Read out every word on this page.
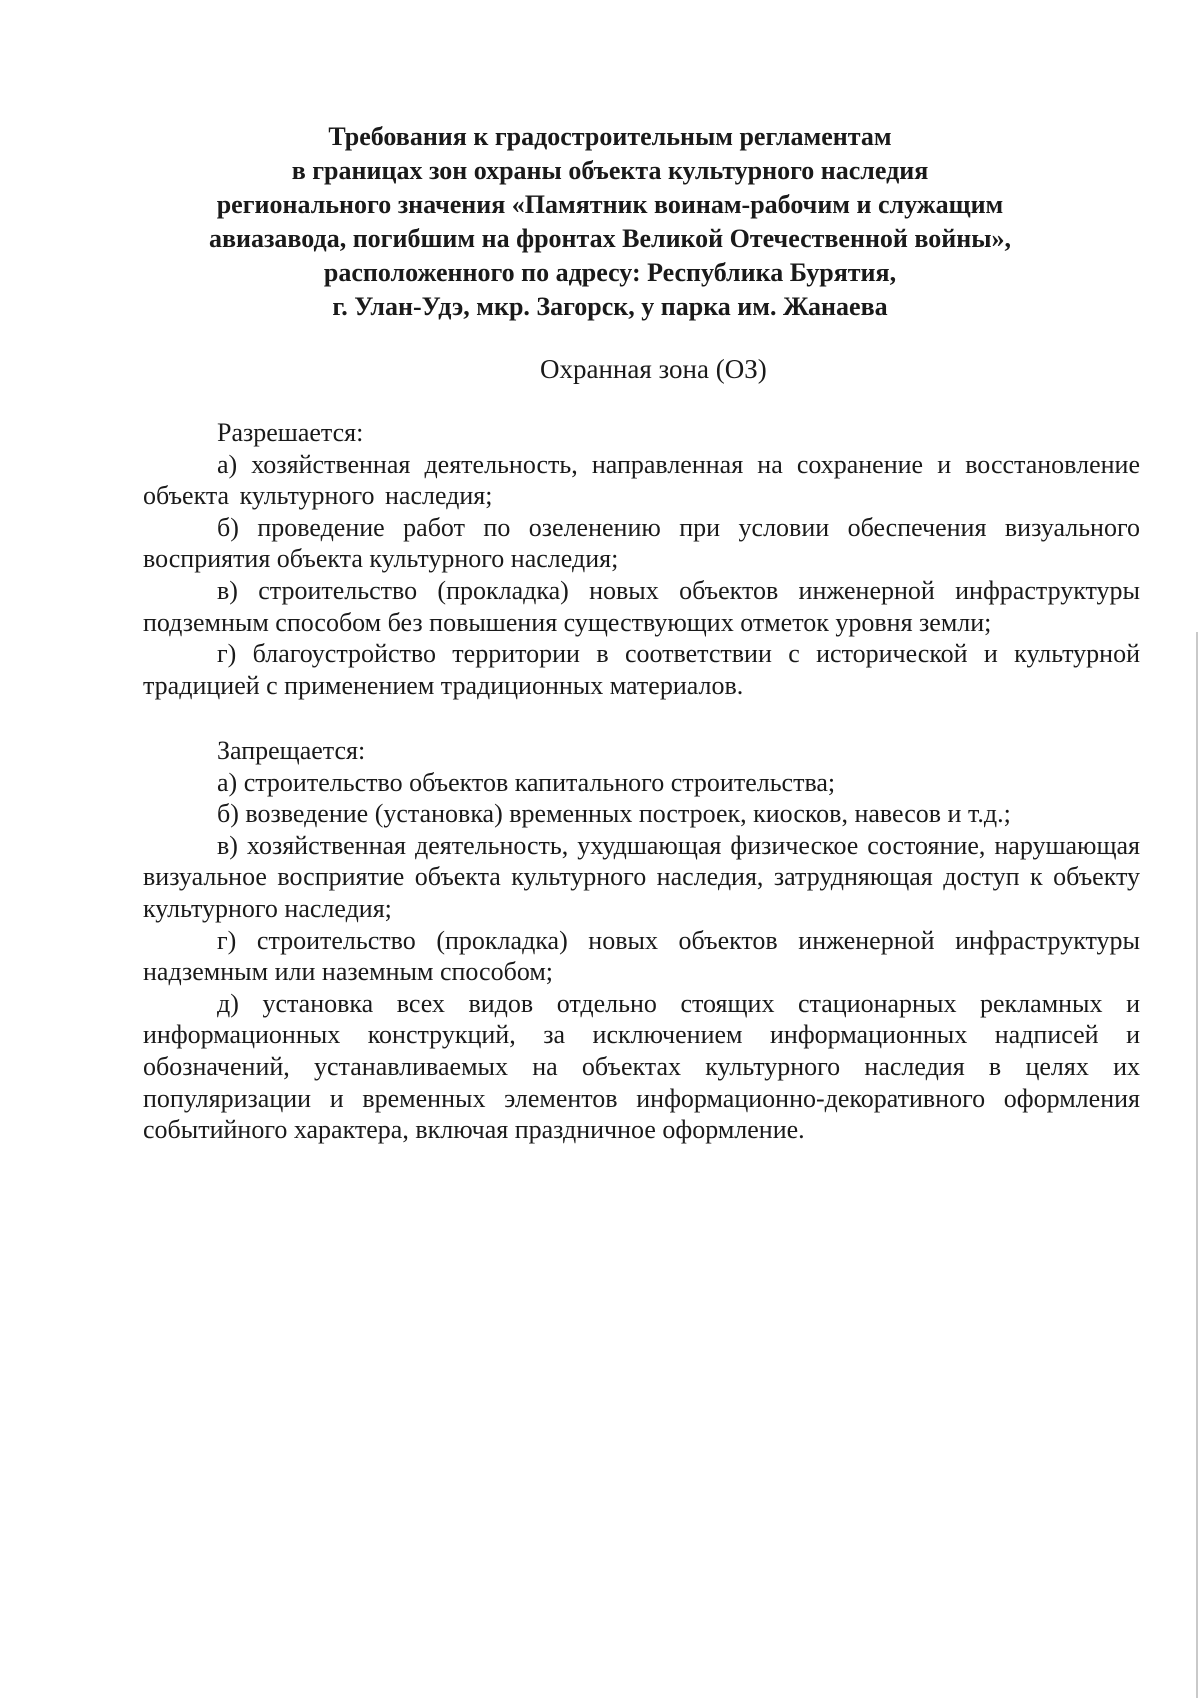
Требования к градостроительным регламентам
в границах зон охраны объекта культурного наследия
регионального значения «Памятник воинам-рабочим и служащим
авиазавода, погибшим на фронтах Великой Отечественной войны»,
расположенного по адресу: Республика Бурятия,
г. Улан-Удэ, мкр. Загорск, у парка им. Жанаева
Охранная зона (ОЗ)
Разрешается:

а) хозяйственная деятельность, направленная на сохранение и восстановление объекта культурного наследия;

б) проведение работ по озеленению при условии обеспечения визуального восприятия объекта культурного наследия;

в) строительство (прокладка) новых объектов инженерной инфраструктуры подземным способом без повышения существующих отметок уровня земли;

г) благоустройство территории в соответствии с исторической и культурной традицией с применением традиционных материалов.

Запрещается:

а) строительство объектов капитального строительства;

б) возведение (установка) временных построек, киосков, навесов и т.д.;

в) хозяйственная деятельность, ухудшающая физическое состояние, нарушающая визуальное восприятие объекта культурного наследия, затрудняющая доступ к объекту культурного наследия;

г) строительство (прокладка) новых объектов инженерной инфраструктуры надземным или наземным способом;

д) установка всех видов отдельно стоящих стационарных рекламных и информационных конструкций, за исключением информационных надписей и обозначений, устанавливаемых на объектах культурного наследия в целях их популяризации и временных элементов информационно-декоративного оформления событийного характера, включая праздничное оформление.
